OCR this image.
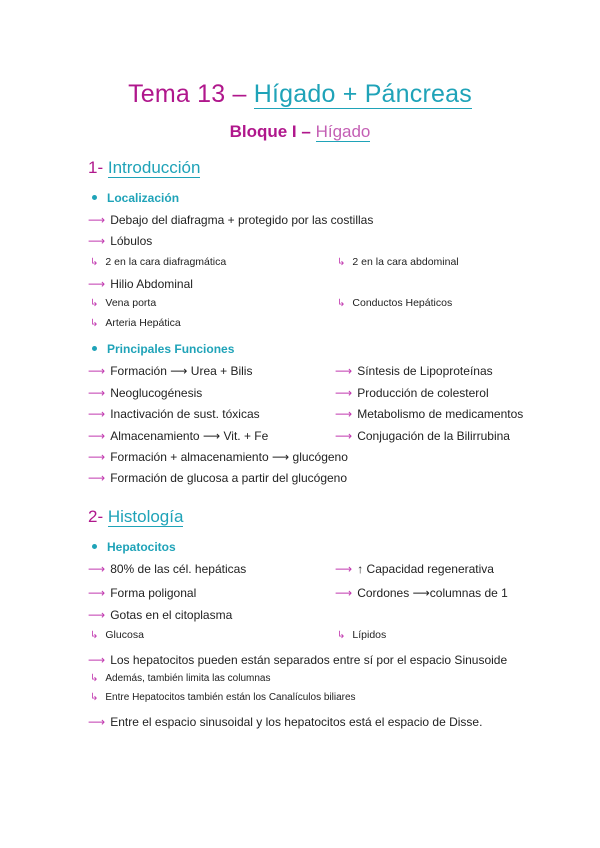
Tema 13 – Hígado + Páncreas
Bloque I – Hígado
1- Introducción
Localización
⟶ Debajo del diafragma + protegido por las costillas
⟶ Lóbulos
↳ 2 en la cara diafragmática	↳ 2 en la cara abdominal
⟶ Hilio Abdominal
↳ Vena porta	↳ Conductos Hepáticos
↳ Arteria Hepática
Principales Funciones
⟶ Formación ⟶ Urea + Bilis	⟶ Síntesis de Lipoproteínas
⟶ Neoglucogénesis	⟶ Producción de colesterol
⟶ Inactivación de sust. tóxicas	⟶ Metabolismo de medicamentos
⟶ Almacenamiento ⟶ Vit. + Fe	⟶ Conjugación de la Bilirrubina
⟶ Formación + almacenamiento ⟶ glucógeno
⟶ Formación de glucosa a partir del glucógeno
2- Histología
Hepatocitos
⟶ 80% de las cél. hepáticas	⟶ ↑ Capacidad regenerativa
⟶ Forma poligonal	⟶ Cordones ⟶columnas de 1
⟶ Gotas en el citoplasma
↳ Glucosa	↳ Lípidos
⟶ Los hepatocitos pueden están separados entre sí por el espacio Sinusoide
↳ Además, también limita las columnas
↳ Entre Hepatocitos también están los Canalículos biliares
⟶ Entre el espacio sinusoidal y los hepatocitos está el espacio de Disse.
